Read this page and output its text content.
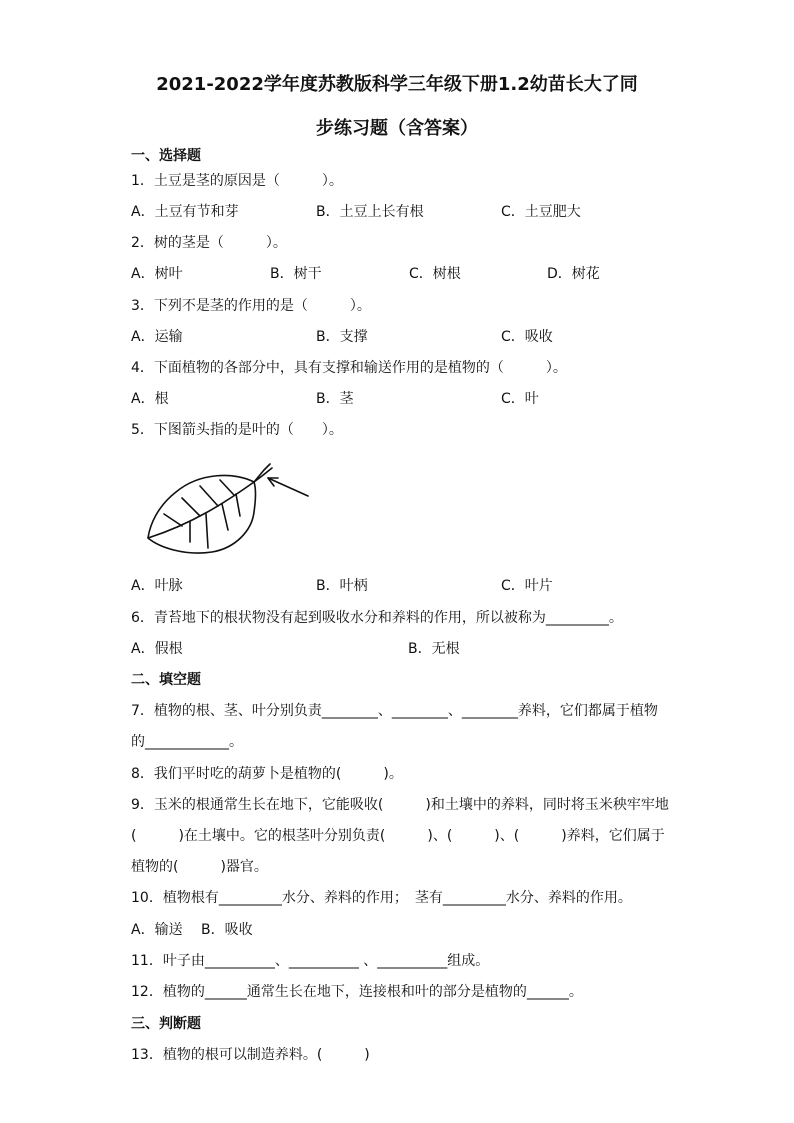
2021-2022学年度苏教版科学三年级下册1.2幼苗长大了同
步练习题（含答案）
一、选择题
1．土豆是茎的原因是（　　　）。
A．土豆有节和芽	B．土豆上长有根	C．土豆肥大
2．树的茎是（　　　）。
A．树叶	B．树干	C．树根	D．树花
3．下列不是茎的作用的是（　　　）。
A．运输	B．支撑	C．吸收
4．下面植物的各部分中，具有支撑和输送作用的是植物的（　　　）。
A．根	B．茎	C．叶
5．下图箭头指的是叶的（　　）。
A．叶脉	B．叶柄	C．叶片
6．青苔地下的根状物没有起到吸收水分和养料的作用，所以被称为_________。
A．假根	B．无根
二、填空题
7．植物的根、茎、叶分别负责________、________、________养料，它们都属于植物
的____________。
8．我们平时吃的葫萝卜是植物的(　　　)。
9．玉米的根通常生长在地下，它能吸收(　　　)和土壤中的养料，同时将玉米秧牢牢地
(　　　)在土壤中。它的根茎叶分别负责(　　　)、(　　　)、(　　　)养料，它们属于
植物的(　　　)器官。
10．植物根有_________水分、养料的作用；　茎有_________水分、养料的作用。
A．输送　 B．吸收
11．叶子由__________、__________ 、__________组成。
12．植物的______通常生长在地下，连接根和叶的部分是植物的______。
三、判断题
13．植物的根可以制造养料。(　　　)
